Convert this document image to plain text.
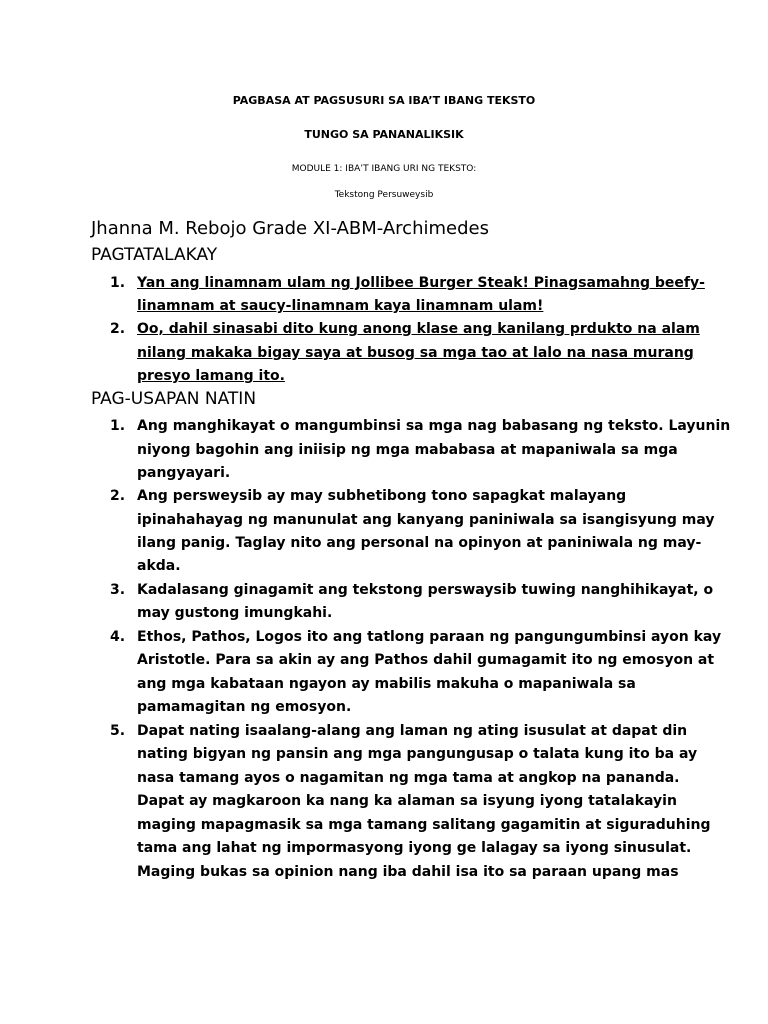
PAGBASA AT PAGSUSURI SA IBA’T IBANG TEKSTO
TUNGO SA PANANALIKSIK
MODULE 1: IBA’T IBANG URI NG TEKSTO:
Tekstong Persuweysib
Jhanna M. Rebojo Grade XI-ABM-Archimedes
PAGTATALAKAY
1. Yan ang linamnam ulam ng Jollibee Burger Steak! Pinagsamahng beefy-
linamnam at saucy-linamnam kaya linamnam ulam!
2. Oo, dahil sinasabi dito kung anong klase ang kanilang prdukto na alam
nilang makaka bigay saya at busog sa mga tao at lalo na nasa murang
presyo lamang ito.
PAG-USAPAN NATIN
1. Ang manghikayat o mangumbinsi sa mga nag babasang ng teksto. Layunin
niyong bagohin ang iniisip ng mga mababasa at mapaniwala sa mga
pangyayari.
2. Ang persweysib ay may subhetibong tono sapagkat malayang
ipinahahayag ng manunulat ang kanyang paniniwala sa isangisyung may
ilang panig. Taglay nito ang personal na opinyon at paniniwala ng may-
akda.
3. Kadalasang ginagamit ang tekstong perswaysib tuwing nanghihikayat, o
may gustong imungkahi.
4. Ethos, Pathos, Logos ito ang tatlong paraan ng pangungumbinsi ayon kay
Aristotle. Para sa akin ay ang Pathos dahil gumagamit ito ng emosyon at
ang mga kabataan ngayon ay mabilis makuha o mapaniwala sa
pamamagitan ng emosyon.
5. Dapat nating isaalang-alang ang laman ng ating isusulat at dapat din
nating bigyan ng pansin ang mga pangungusap o talata kung ito ba ay
nasa tamang ayos o nagamitan ng mga tama at angkop na pananda.
Dapat ay magkaroon ka nang ka alaman sa isyung iyong tatalakayin
maging mapagmasik sa mga tamang salitang gagamitin at siguraduhing
tama ang lahat ng impormasyong iyong ge lalagay sa iyong sinusulat.
Maging bukas sa opinion nang iba dahil isa ito sa paraan upang mas
